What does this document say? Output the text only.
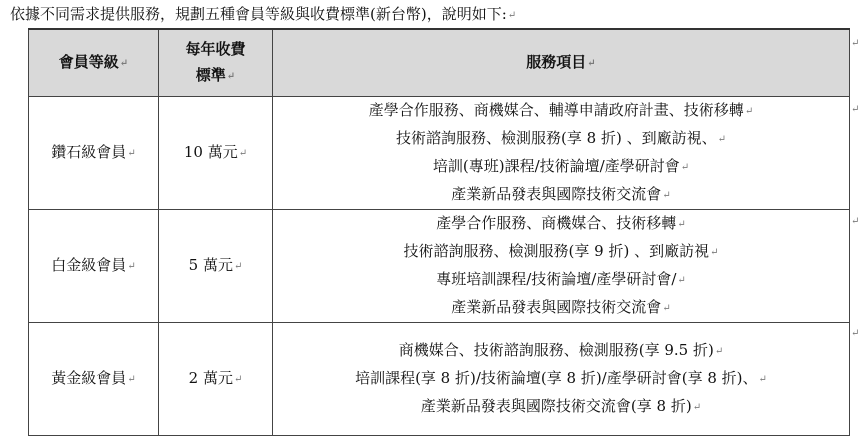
依據不同需求提供服務，規劃五種會員等級與收費標準(新台幣)，說明如下:↵
會員等級↵	每年收費
標準↵	服務項目↵
鑽石級會員↵	10 萬元↵	產學合作服務、商機媒合、輔導申請政府計畫、技術移轉↵
技術諮詢服務、檢測服務(享 8 折) 、到廠訪視、↵
培訓(專班)課程/技術論壇/產學研討會↵
產業新品發表與國際技術交流會↵

白金級會員↵	5 萬元↵	產學合作服務、商機媒合、技術移轉↵
技術諮詢服務、檢測服務(享 9 折) 、到廠訪視↵
專班培訓課程/技術論壇/產學研討會/↵
產業新品發表與國際技術交流會↵

黃金級會員↵	2 萬元↵	商機媒合、技術諮詢服務、檢測服務(享 9.5 折)↵
培訓課程(享 8 折)/技術論壇(享 8 折)/產學研討會(享 8 折)、↵
產業新品發表與國際技術交流會(享 8 折)↵
↵
↵
↵
↵
